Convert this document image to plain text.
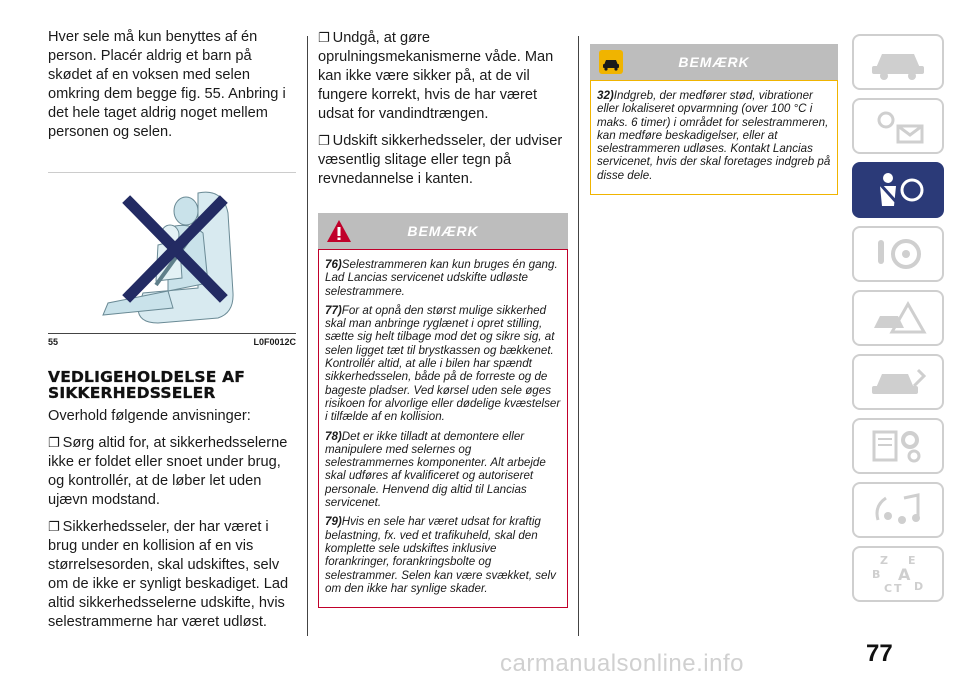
Hver sele må kun benyttes af én person. Placér aldrig et barn på skødet af en voksen med selen omkring dem begge fig. 55. Anbring i det hele taget aldrig noget mellem personen og selen.

55	L0F0012C
VEDLIGEHOLDELSE AF
SIKKERHEDSSELER

Overhold følgende anvisninger:

❐ Sørg altid for, at sikkerhedsselerne ikke er foldet eller snoet under brug, og kontrollér, at de løber let uden ujævn modstand.

❐ Sikkerhedsseler, der har været i brug under en kollision af en vis størrelsesorden, skal udskiftes, selv om de ikke er synligt beskadiget. Lad altid sikkerhedsselerne udskifte, hvis selestrammerne har været udløst.

❐ Undgå, at gøre oprulningsmekanismerne våde. Man kan ikke være sikker på, at de vil fungere korrekt, hvis de har været udsat for vandindtrængen.

❐ Udskift sikkerhedsseler, der udviser væsentlig slitage eller tegn på revnedannelse i kanten.

BEMÆRK

76)Selestrammeren kan kun bruges én gang. Lad Lancias servicenet udskifte udløste selestrammere.

77)For at opnå den størst mulige sikkerhed skal man anbringe ryglænet i opret stilling, sætte sig helt tilbage mod det og sikre sig, at selen ligget tæt til brystkassen og bækkenet. Kontrollér altid, at alle i bilen har spændt sikkerhedsselen, både på de forreste og de bageste pladser. Ved kørsel uden sele øges risikoen for alvorlige eller dødelige kvæstelser i tilfælde af en kollision.

78)Det er ikke tilladt at demontere eller manipulere med selernes og selestrammernes komponenter. Alt arbejde skal udføres af kvalificeret og autoriseret personale. Henvend dig altid til Lancias servicenet.

79)Hvis en sele har været udsat for kraftig belastning, fx. ved et trafikuheld, skal den komplette sele udskiftes inklusive forankringer, forankringsbolte og selestrammer. Selen kan være svækket, selv om den ikke har synlige skader.

BEMÆRK

32)Indgreb, der medfører stød, vibrationer eller lokaliseret opvarmning (over 100 °C i maks. 6 timer) i området for selestrammeren, kan medføre beskadigelser, eller at selestrammeren udløses. Kontakt Lancias servicenet, hvis der skal foretages indgreb på disse dele.

Z E
B A
C T D
77
carmanualsonline.info
